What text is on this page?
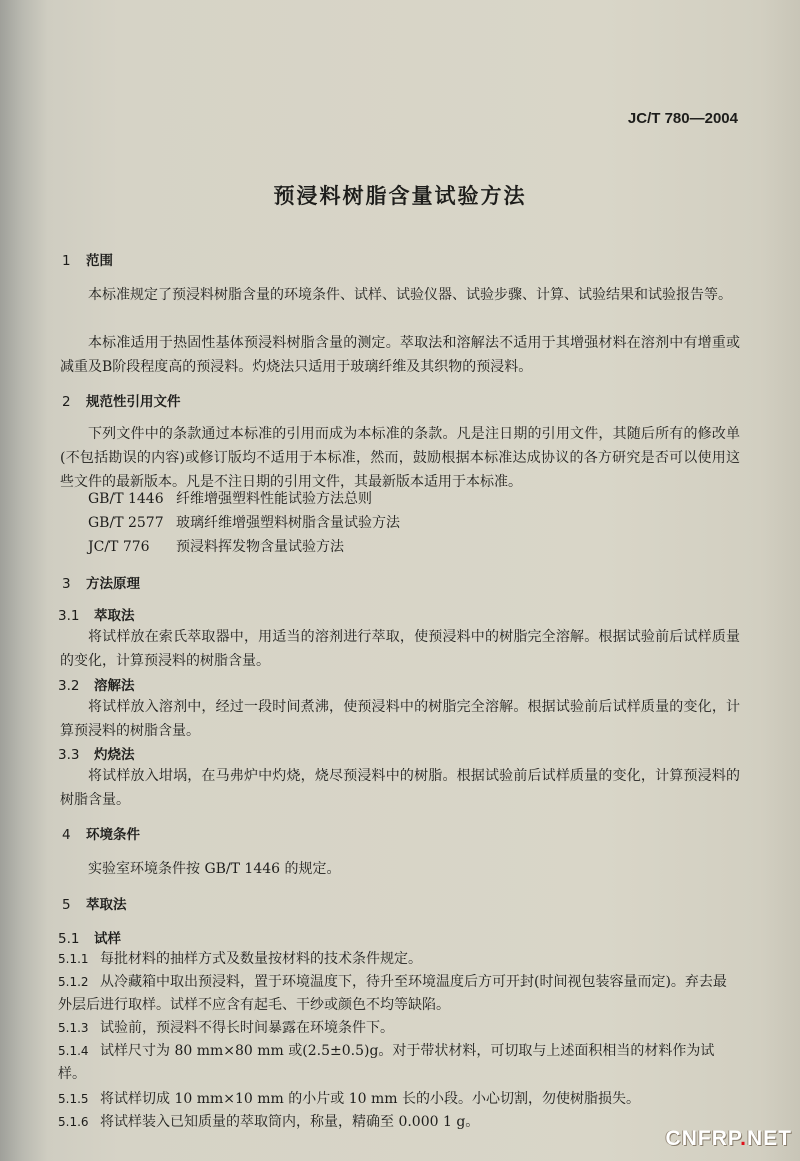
JC/T 780—2004
预浸料树脂含量试验方法
1 范围
本标准规定了预浸料树脂含量的环境条件、试样、试验仪器、试验步骤、计算、试验结果和试验报告等。
本标准适用于热固性基体预浸料树脂含量的测定。萃取法和溶解法不适用于其增强材料在溶剂中有增重或减重及B阶段程度高的预浸料。灼烧法只适用于玻璃纤维及其织物的预浸料。
2 规范性引用文件
下列文件中的条款通过本标准的引用而成为本标准的条款。凡是注日期的引用文件，其随后所有的修改单(不包括勘误的内容)或修订版均不适用于本标准，然而，鼓励根据本标准达成协议的各方研究是否可以使用这些文件的最新版本。凡是不注日期的引用文件，其最新版本适用于本标准。
GB/T 1446 纤维增强塑料性能试验方法总则
GB/T 2577 玻璃纤维增强塑料树脂含量试验方法
JC/T 776 预浸料挥发物含量试验方法
3 方法原理
3.1 萃取法
将试样放在索氏萃取器中，用适当的溶剂进行萃取，使预浸料中的树脂完全溶解。根据试验前后试样质量的变化，计算预浸料的树脂含量。
3.2 溶解法
将试样放入溶剂中，经过一段时间煮沸，使预浸料中的树脂完全溶解。根据试验前后试样质量的变化，计算预浸料的树脂含量。
3.3 灼烧法
将试样放入坩埚，在马弗炉中灼烧，烧尽预浸料中的树脂。根据试验前后试样质量的变化，计算预浸料的树脂含量。
4 环境条件
实验室环境条件按 GB/T 1446 的规定。
5 萃取法
5.1 试样
5.1.1 每批材料的抽样方式及数量按材料的技术条件规定。
5.1.2 从冷藏箱中取出预浸料，置于环境温度下，待升至环境温度后方可开封(时间视包装容量而定)。弃去最外层后进行取样。试样不应含有起毛、干纱或颜色不均等缺陷。
5.1.3 试验前，预浸料不得长时间暴露在环境条件下。
5.1.4 试样尺寸为 80 mm×80 mm 或(2.5±0.5)g。对于带状材料，可切取与上述面积相当的材料作为试样。
5.1.5 将试样切成 10 mm×10 mm 的小片或 10 mm 长的小段。小心切割，勿使树脂损失。
5.1.6 将试样装入已知质量的萃取筒内，称量，精确至 0.000 1 g。
CNFRP.NET
